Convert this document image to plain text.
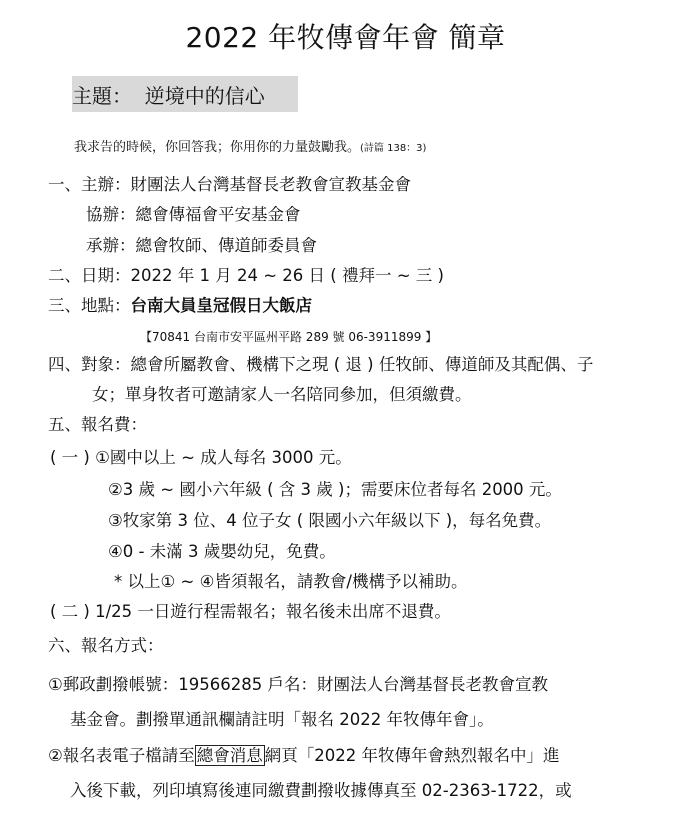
2022 年牧傳會年會 簡章
主題：  逆境中的信心
我求告的時候，你回答我；你用你的力量鼓勵我。(詩篇 138：3)
一、主辦：財團法人台灣基督長老教會宣教基金會
協辦：總會傳福會平安基金會
承辦：總會牧師、傳道師委員會
二、日期：2022 年 1 月 24 ~ 26 日 ( 禮拜一 ~ 三 )
三、地點：台南大員皇冠假日大飯店
【70841 台南市安平區州平路 289 號 06-3911899 】
四、對象：總會所屬教會、機構下之現 ( 退 ) 任牧師、傳道師及其配偶、子
女；單身牧者可邀請家人一名陪同參加，但須繳費。
五、報名費：
( 一 ) ①國中以上 ~ 成人每名 3000 元。
②3 歲 ~ 國小六年級 ( 含 3 歲 )；需要床位者每名 2000 元。
③牧家第 3 位、4 位子女 ( 限國小六年級以下 )，每名免費。
④0 - 未滿 3 歲嬰幼兒，免費。
* 以上① ~ ④皆須報名，請教會/機構予以補助。
( 二 ) 1/25 一日遊行程需報名；報名後未出席不退費。
六、報名方式：
①郵政劃撥帳號：19566285 戶名：財團法人台灣基督長老教會宣教
基金會。劃撥單通訊欄請註明「報名 2022 年牧傳年會」。
②報名表電子檔請至 總會消息 網頁「2022 年牧傳年會熱烈報名中」進
入後下載，列印填寫後連同繳費劃撥收據傳真至 02-2363-1722，或
